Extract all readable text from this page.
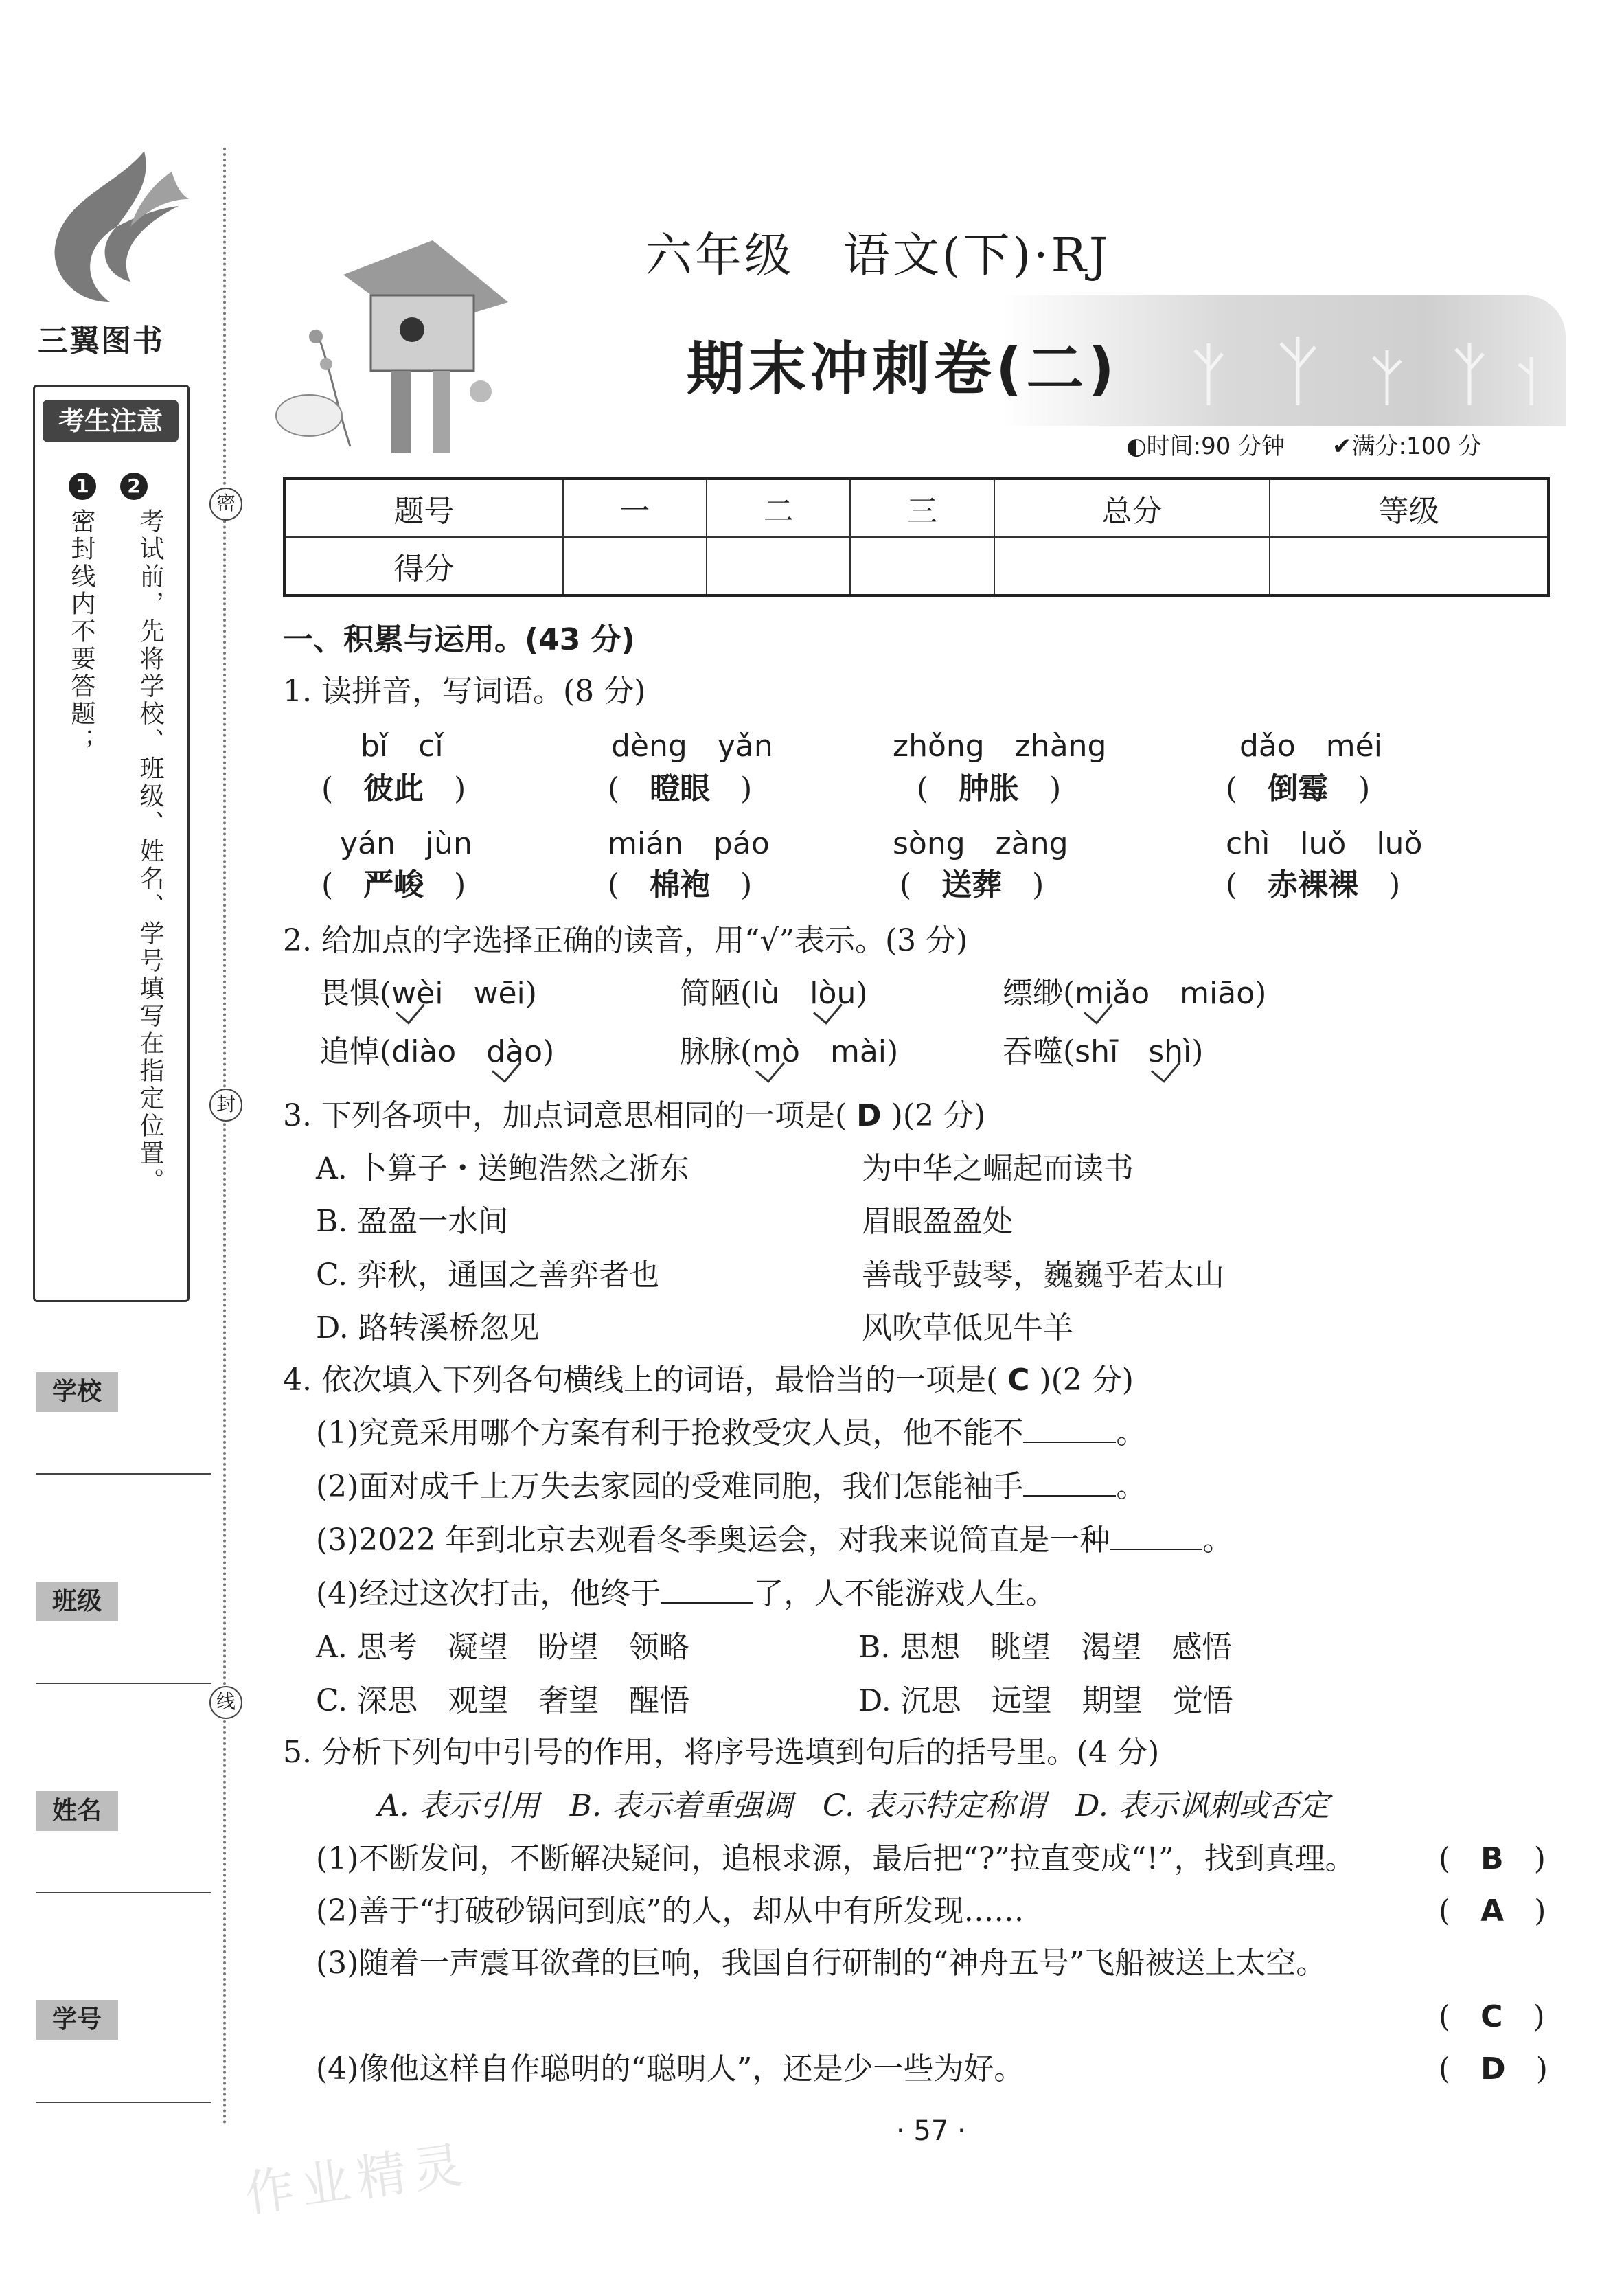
三翼图书
考生注意
1	2
密封线内不要答题；	考试前，先将学校、班级、姓名、学号填写在指定位置。
学校
班级
姓名
学号
密
封
线
六年级　语文(下)·RJ
期末冲刺卷(二)
◐时间:90 分钟 ✔满分:100 分
题号	一	二	三	总分	等级
得分					
一、积累与运用。(43 分)
1. 读拼音，写词语。(8 分)
bǐ　cǐ	dèng　yǎn	zhǒng　zhàng	dǎo　méi
(　彼此　)	(　瞪眼　)	(　肿胀　)	(　倒霉　)
yán　jùn	mián　páo	sòng　zàng	chì　luǒ　luǒ
(　严峻　)	(　棉袍　)	(　送葬　)	(　赤裸裸　)
2. 给加点的字选择正确的读音，用“√”表示。(3 分)
畏惧(wèi　 wēi)	简陋(lù　 lòu)	缥缈(miǎo　 miāo)
追悼(diào　 dào)	脉脉(mò　 mài)	吞噬(shī　 shì)
3. 下列各项中，加点词意思相同的一项是( D )(2 分)
A. 卜算子・送鲍浩然之浙东	为中华之崛起而读书
B. 盈盈一水间	眉眼盈盈处
C. 弈秋，通国之善弈者也	善哉乎鼓琴，巍巍乎若太山
D. 路转溪桥忽见	风吹草低见牛羊
4. 依次填入下列各句横线上的词语，最恰当的一项是( C )(2 分)
(1)究竟采用哪个方案有利于抢救受灾人员，他不能不	。
(2)面对成千上万失去家园的受难同胞，我们怎能袖手	。
(3)2022 年到北京去观看冬季奥运会，对我来说简直是一种	。
(4)经过这次打击，他终于	了，人不能游戏人生。
A. 思考　 凝望　 盼望　 领略	B. 思想　 眺望　 渴望　 感悟
C. 深思　 观望　 奢望　 醒悟	D. 沉思　 远望　 期望　 觉悟
5. 分析下列句中引号的作用，将序号选填到句后的括号里。(4 分)
A. 表示引用　B. 表示着重强调　C. 表示特定称谓　D. 表示讽刺或否定
(1)不断发问，不断解决疑问，追根求源，最后把“?”拉直变成“!”，找到真理。	(　B　)
(2)善于“打破砂锅问到底”的人，却从中有所发现……	(　A　)
(3)随着一声震耳欲聋的巨响，我国自行研制的“神舟五号”飞船被送上太空。
(　C　)
(4)像他这样自作聪明的“聪明人”，还是少一些为好。	(　D　)
· 57 ·
作业精灵
